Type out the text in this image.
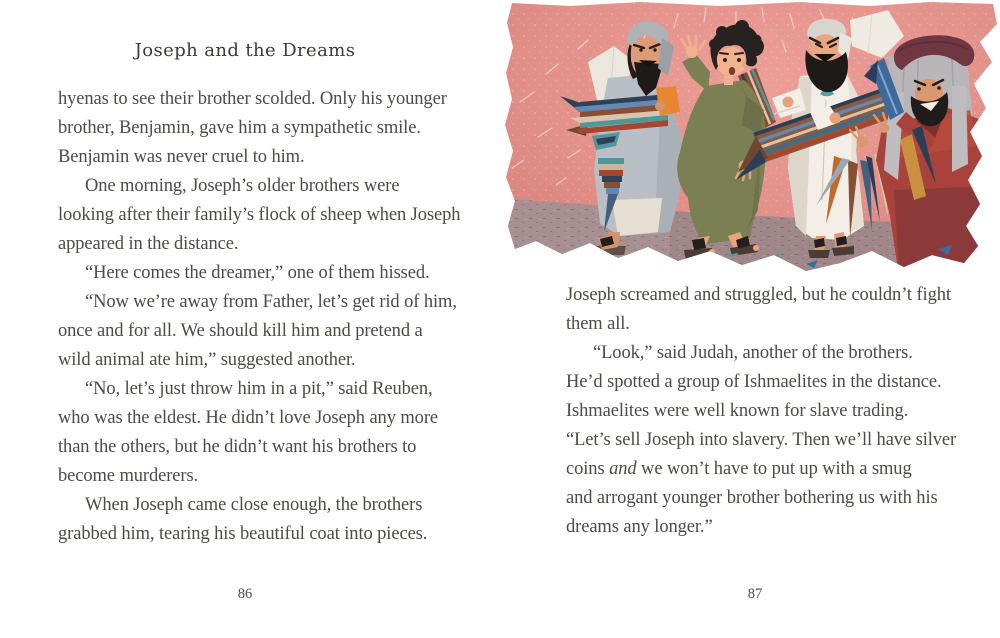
Joseph and the Dreams
hyenas to see their brother scolded. Only his younger
brother, Benjamin, gave him a sympathetic smile.
Benjamin was never cruel to him.
One morning, Joseph’s older brothers were
looking after their family’s flock of sheep when Joseph
appeared in the distance.
“Here comes the dreamer,” one of them hissed.
“Now we’re away from Father, let’s get rid of him,
once and for all. We should kill him and pretend a
wild animal ate him,” suggested another.
“No, let’s just throw him in a pit,” said Reuben,
who was the eldest. He didn’t love Joseph any more
than the others, but he didn’t want his brothers to
become murderers.
When Joseph came close enough, the brothers
grabbed him, tearing his beautiful coat into pieces.
86
Joseph screamed and struggled, but he couldn’t fight
them all.
“Look,” said Judah, another of the brothers.
He’d spotted a group of Ishmaelites in the distance.
Ishmaelites were well known for slave trading.
“Let’s sell Joseph into slavery. Then we’ll have silver
coins and we won’t have to put up with a smug
and arrogant younger brother bothering us with his
dreams any longer.”
87
